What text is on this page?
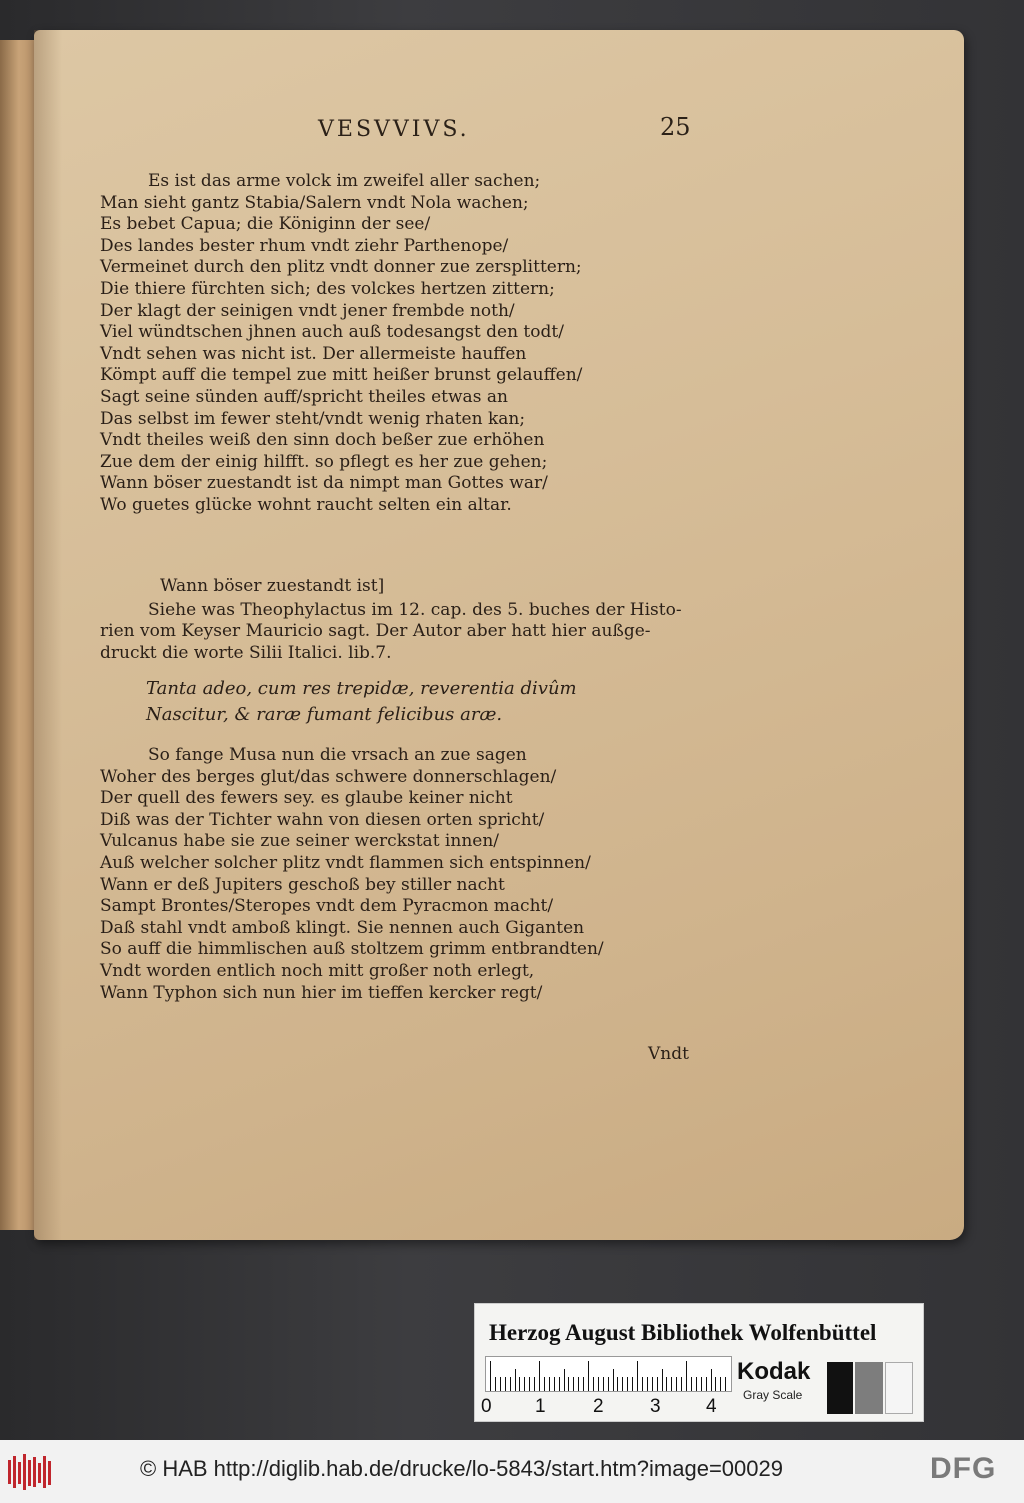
VESVVIVS.	25
Es ist das arme volck im zweifel aller sachen;
Man sieht gantz Stabia/Salern vndt Nola wachen;
Es bebet Capua; die Königinn der see/
Des landes bester rhum vndt ziehr Parthenope/
Vermeinet durch den plitz vndt donner zue zersplittern;
Die thiere fürchten sich; des volckes hertzen zittern;
Der klagt der seinigen vndt jener frembde noth/
Viel wündtschen jhnen auch auß todesangst den todt/
Vndt sehen was nicht ist. Der allermeiste hauffen
Kömpt auff die tempel zue mitt heißer brunst gelauffen/
Sagt seine sünden auff/spricht theiles etwas an
Das selbst im fewer steht/vndt wenig rhaten kan;
Vndt theiles weiß den sinn doch beßer zue erhöhen
Zue dem der einig hilfft. so pflegt es her zue gehen;
Wann böser zuestandt ist da nimpt man Gottes war/
Wo guetes glücke wohnt raucht selten ein altar.
Wann böser zuestandt ist]
Siehe was Theophylactus im 12. cap. des 5. buches der Histo-
rien vom Keyser Mauricio sagt. Der Autor aber hatt hier außge-
druckt die worte Silii Italici. lib.7.
Tanta adeo, cum res trepidæ, reverentia divûm
Nascitur, & raræ fumant felicibus aræ.
So fange Musa nun die vrsach an zue sagen
Woher des berges glut/das schwere donnerschlagen/
Der quell des fewers sey. es glaube keiner nicht
Diß was der Tichter wahn von diesen orten spricht/
Vulcanus habe sie zue seiner werckstat innen/
Auß welcher solcher plitz vndt flammen sich entspinnen/
Wann er deß Jupiters geschoß bey stiller nacht
Sampt Brontes/Steropes vndt dem Pyracmon macht/
Daß stahl vndt amboß klingt. Sie nennen auch Giganten
So auff die himmlischen auß stoltzem grimm entbrandten/
Vndt worden entlich noch mitt großer noth erlegt,
Wann Typhon sich nun hier im tieffen kercker regt/
Vndt
Herzog August Bibliothek Wolfenbüttel
0 1 2 3 4
Kodak
Gray Scale
© HAB http://diglib.hab.de/drucke/lo-5843/start.htm?image=00029	DFG
